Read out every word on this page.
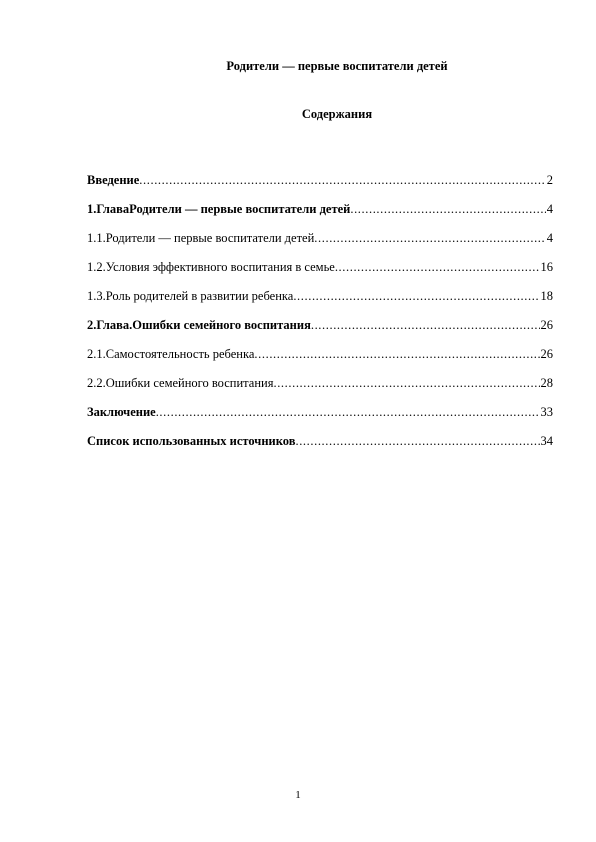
Родители — первые воспитатели детей
Содержания
Введение .....	2
1.ГлаваРодители — первые воспитатели детей .....	4
1.1.Родители — первые воспитатели детей .....	4
1.2.Условия эффективного воспитания в семье .....	16
1.3.Роль родителей в развитии ребенка .....	18
2.Глава.Ошибки семейного воспитания .....	26
2.1.Самостоятельность ребенка .....	26
2.2.Ошибки семейного воспитания .....	28
Заключение .....	33
Список использованных источников .....	34
1
